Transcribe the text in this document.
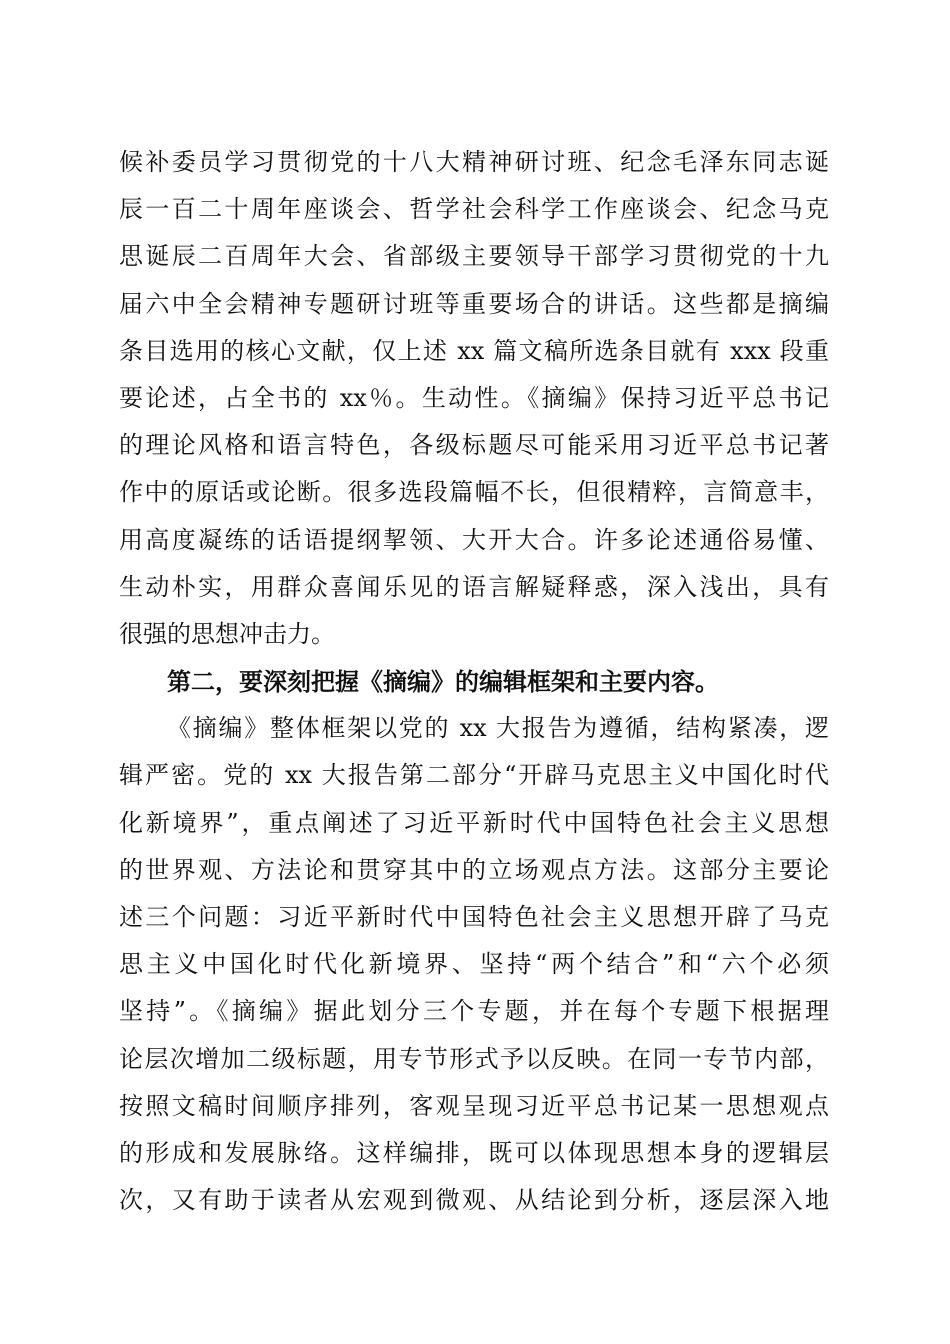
候补委员学习贯彻党的十八大精神研讨班、纪念毛泽东同志诞
辰一百二十周年座谈会、哲学社会科学工作座谈会、纪念马克
思诞辰二百周年大会、省部级主要领导干部学习贯彻党的十九
届六中全会精神专题研讨班等重要场合的讲话。这些都是摘编
条目选用的核心文献，仅上述 xx 篇文稿所选条目就有 xxx 段重
要论述，占全书的 xx％。生动性。《摘编》保持习近平总书记
的理论风格和语言特色，各级标题尽可能采用习近平总书记著
作中的原话或论断。很多选段篇幅不长，但很精粹，言简意丰，
用高度凝练的话语提纲挈领、大开大合。许多论述通俗易懂、
生动朴实，用群众喜闻乐见的语言解疑释惑，深入浅出，具有
很强的思想冲击力。
第二，要深刻把握《摘编》的编辑框架和主要内容。
《摘编》整体框架以党的 xx 大报告为遵循，结构紧凑，逻
辑严密。党的 xx 大报告第二部分“开辟马克思主义中国化时代
化新境界”，重点阐述了习近平新时代中国特色社会主义思想
的世界观、方法论和贯穿其中的立场观点方法。这部分主要论
述三个问题：习近平新时代中国特色社会主义思想开辟了马克
思主义中国化时代化新境界、坚持“两个结合”和“六个必须
坚持”。《摘编》据此划分三个专题，并在每个专题下根据理
论层次增加二级标题，用专节形式予以反映。在同一专节内部，
按照文稿时间顺序排列，客观呈现习近平总书记某一思想观点
的形成和发展脉络。这样编排，既可以体现思想本身的逻辑层
次，又有助于读者从宏观到微观、从结论到分析，逐层深入地
